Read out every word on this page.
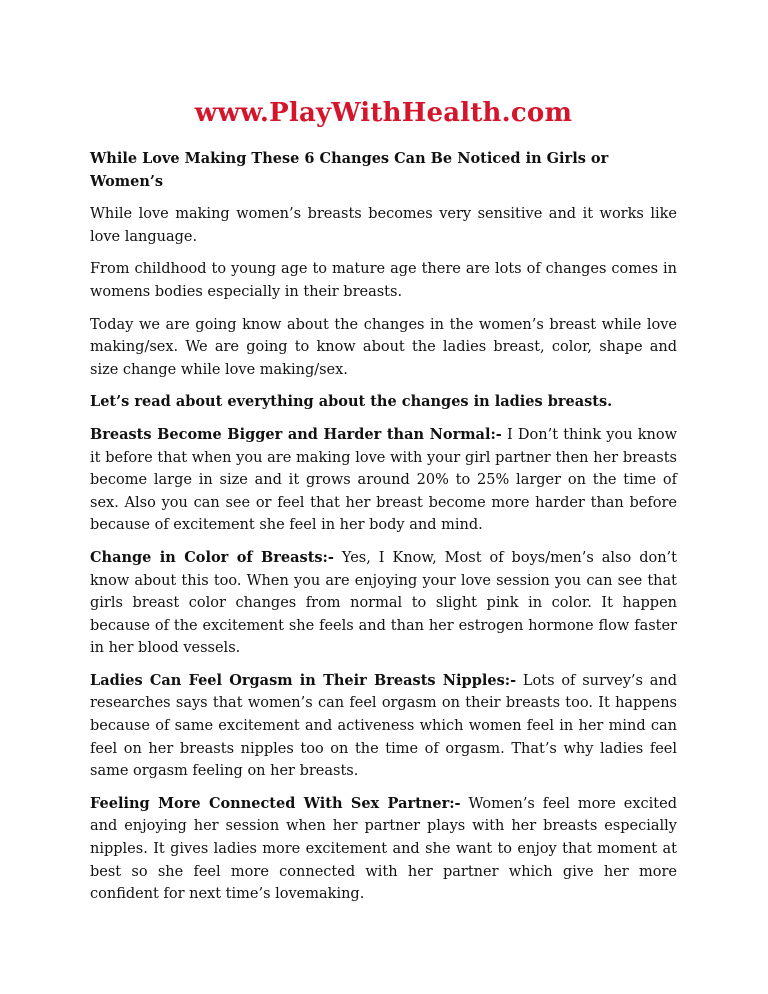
www.PlayWithHealth.com
While Love Making These 6 Changes Can Be Noticed in Girls or Women’s

While love making women’s breasts becomes very sensitive and it works like love language.

From childhood to young age to mature age there are lots of changes comes in womens bodies especially in their breasts.

Today we are going know about the changes in the women’s breast while love making/sex. We are going to know about the ladies breast, color, shape and size change while love making/sex.

Let’s read about everything about the changes in ladies breasts.

Breasts Become Bigger and Harder than Normal:- I Don’t think you know it before that when you are making love with your girl partner then her breasts become large in size and it grows around 20% to 25% larger on the time of sex. Also you can see or feel that her breast become more harder than before because of excitement she feel in her body and mind.

Change in Color of Breasts:- Yes, I Know, Most of boys/men’s also don’t know about this too. When you are enjoying your love session you can see that girls breast color changes from normal to slight pink in color. It happen because of the excitement she feels and than her estrogen hormone flow faster in her blood vessels.

Ladies Can Feel Orgasm in Their Breasts Nipples:- Lots of survey’s and researches says that women’s can feel orgasm on their breasts too. It happens because of same excitement and activeness which women feel in her mind can feel on her breasts nipples too on the time of orgasm. That’s why ladies feel same orgasm feeling on her breasts.

Feeling More Connected With Sex Partner:- Women’s feel more excited and enjoying her session when her partner plays with her breasts especially nipples. It gives ladies more excitement and she want to enjoy that moment at best so she feel more connected with her partner which give her more confident for next time’s lovemaking.
